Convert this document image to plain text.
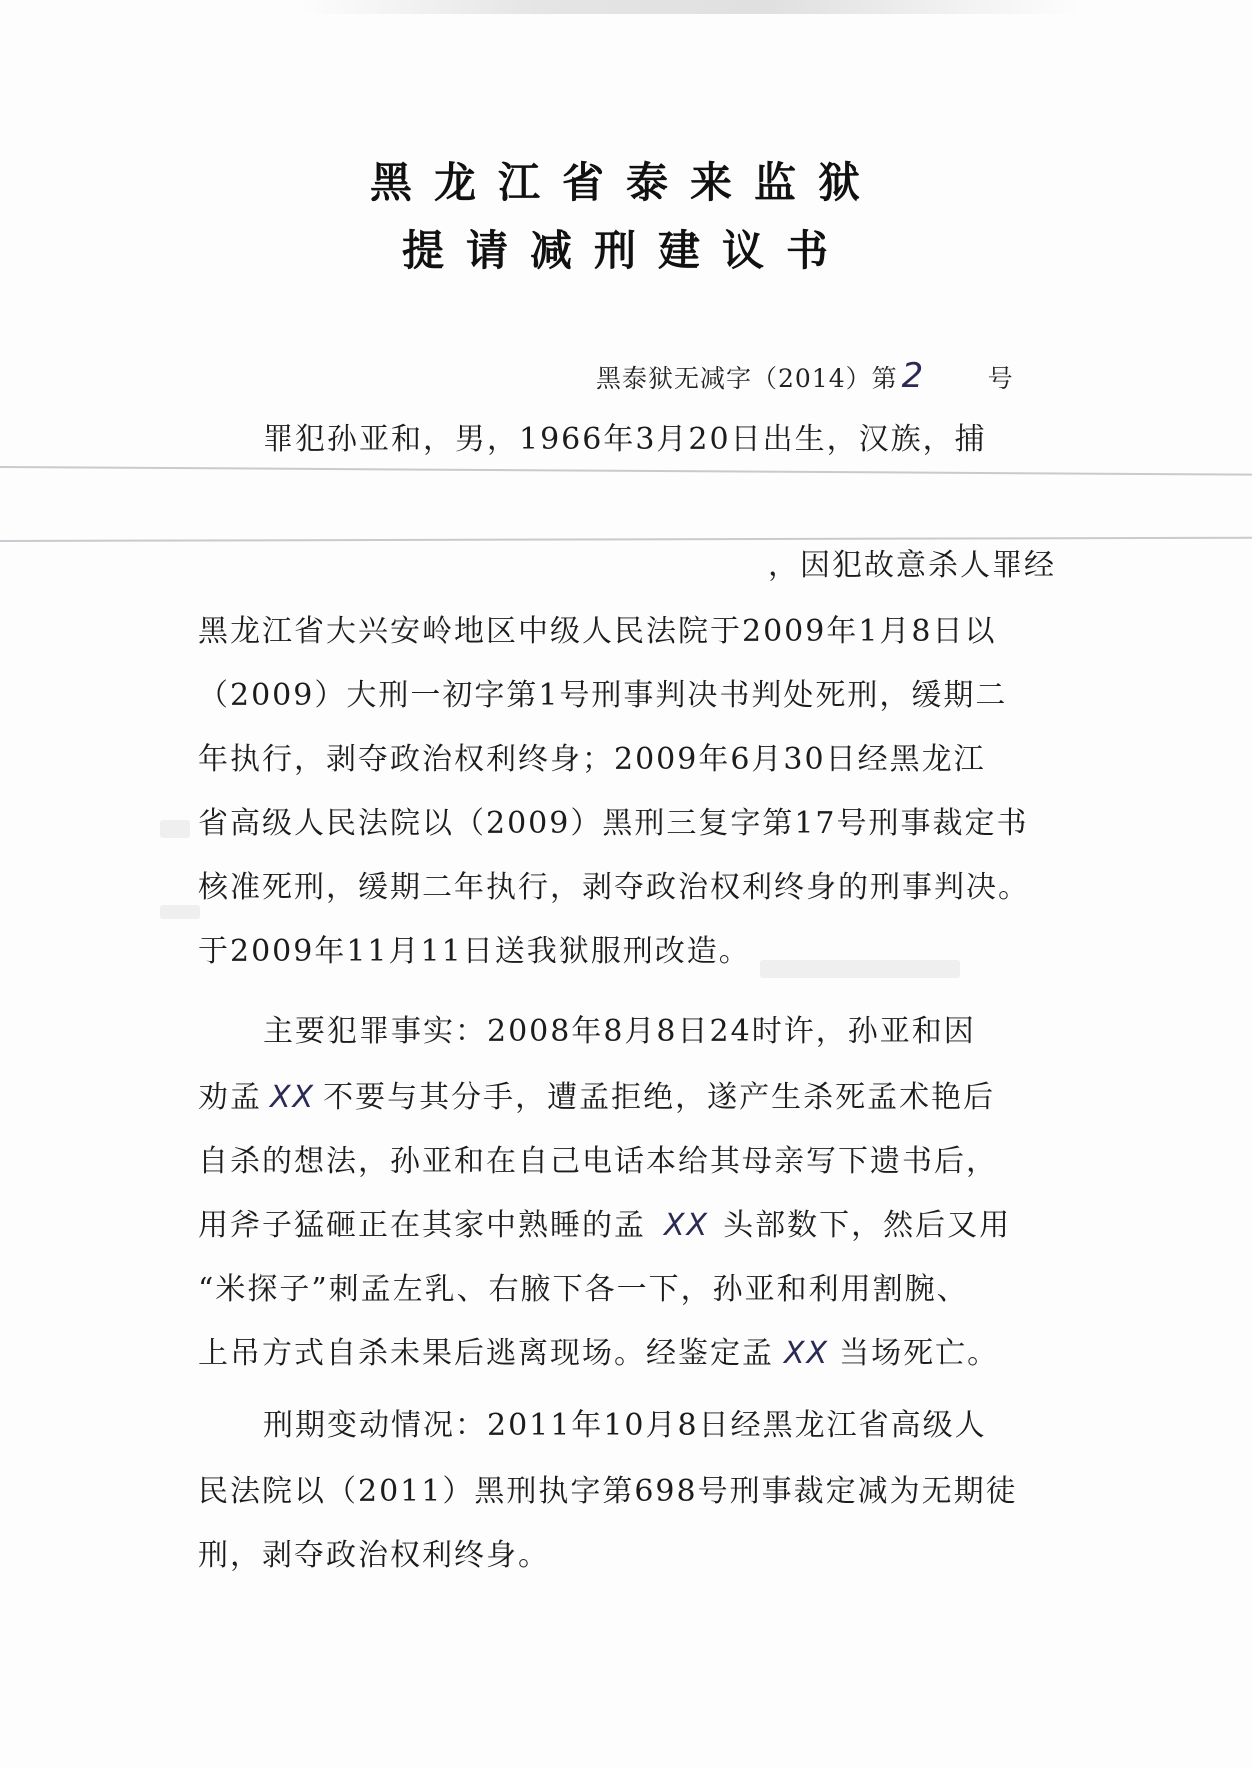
黑龙江省泰来监狱
提请减刑建议书
黑泰狱无减字（2014）第 2	号
罪犯孙亚和，男，1966年3月20日出生，汉族，捕
，因犯故意杀人罪经
黑龙江省大兴安岭地区中级人民法院于2009年1月8日以
（2009）大刑一初字第1号刑事判决书判处死刑，缓期二
年执行，剥夺政治权利终身；2009年6月30日经黑龙江
省高级人民法院以（2009）黑刑三复字第17号刑事裁定书
核准死刑，缓期二年执行，剥夺政治权利终身的刑事判决。
于2009年11月11日送我狱服刑改造。
主要犯罪事实：2008年8月8日24时许，孙亚和因
劝孟 XX 不要与其分手，遭孟拒绝，遂产生杀死孟术艳后
自杀的想法，孙亚和在自己电话本给其母亲写下遗书后，
用斧子猛砸正在其家中熟睡的孟 XX 头部数下，然后又用
“米探子”刺孟左乳、右腋下各一下，孙亚和利用割腕、
上吊方式自杀未果后逃离现场。经鉴定孟 XX 当场死亡。
刑期变动情况：2011年10月8日经黑龙江省高级人
民法院以（2011）黑刑执字第698号刑事裁定减为无期徒
刑，剥夺政治权利终身。
